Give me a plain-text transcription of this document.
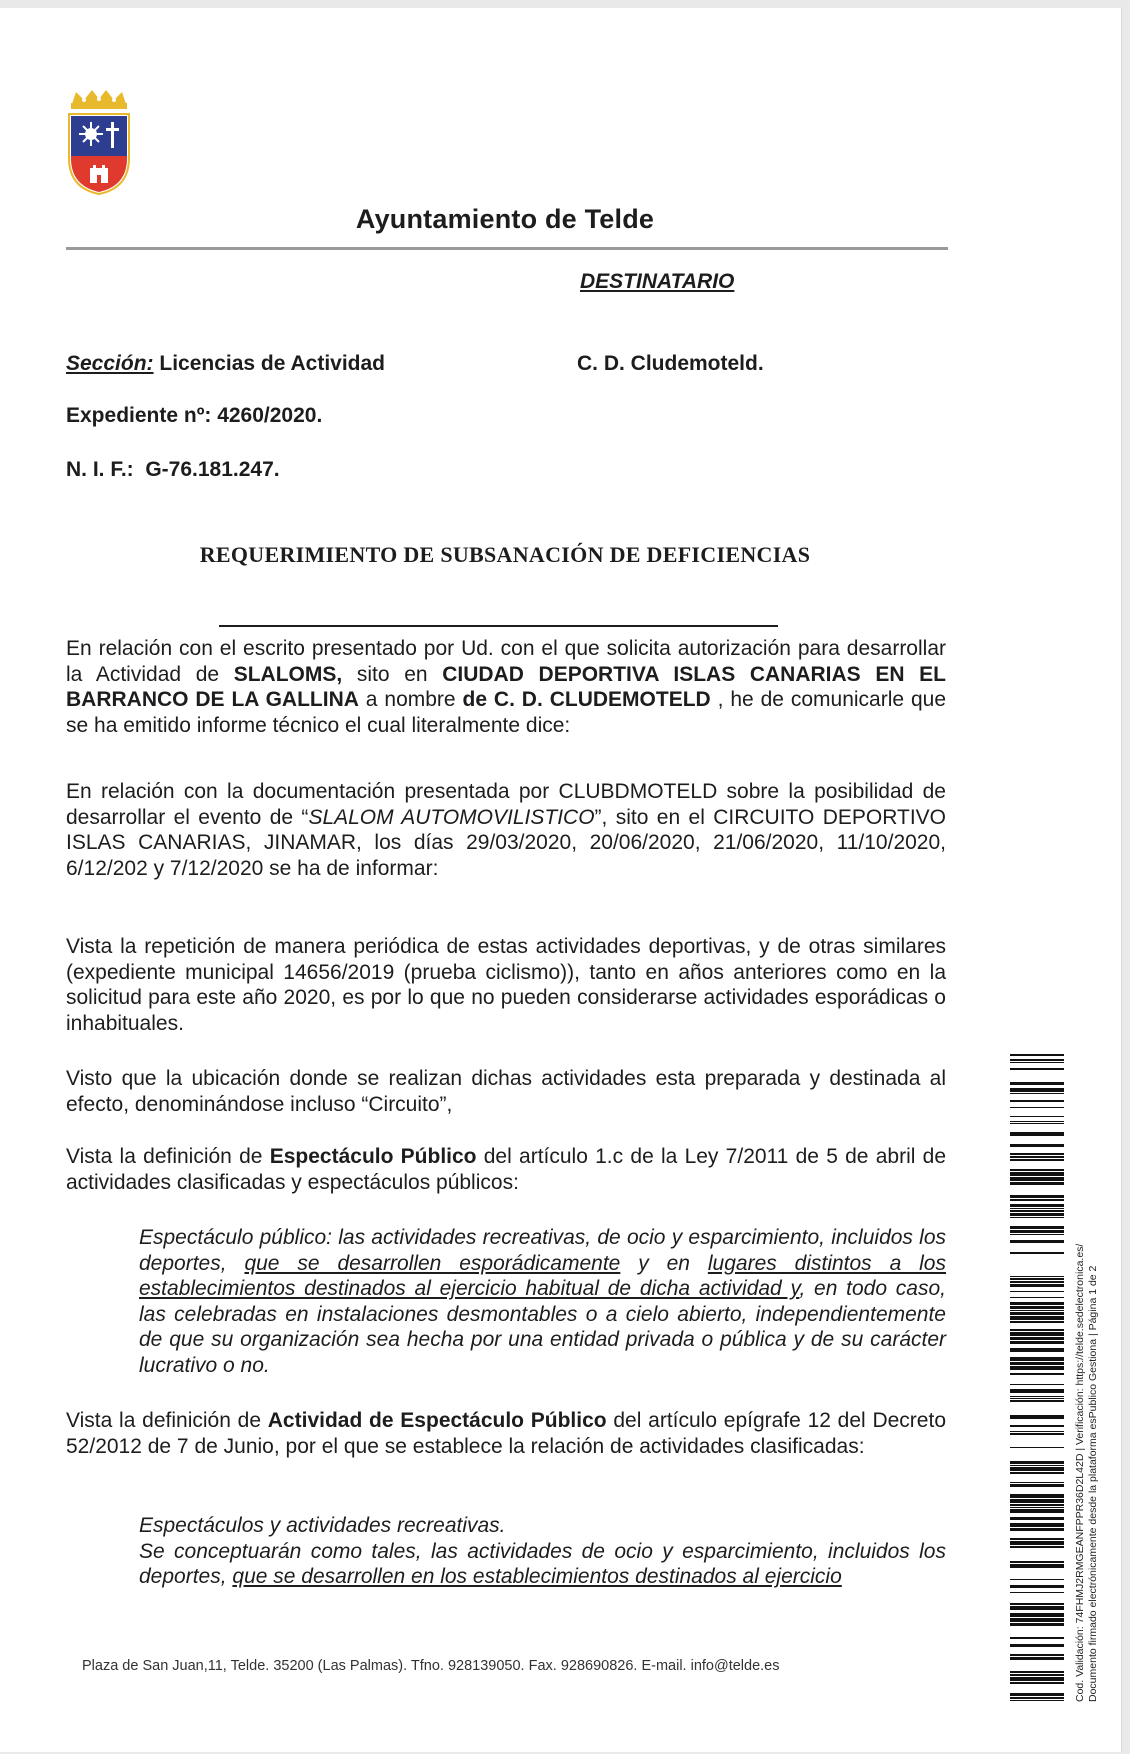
Ayuntamiento de Telde
DESTINATARIO
Sección: Licencias de Actividad	C. D. Cludemoteld.
Expediente nº: 4260/2020.
N. I. F.: G-76.181.247.
REQUERIMIENTO DE SUBSANACIÓN DE DEFICIENCIAS

En relación con el escrito presentado por Ud. con el que solicita autorización para desarrollar la Actividad de SLALOMS, sito en CIUDAD DEPORTIVA ISLAS CANARIAS EN EL BARRANCO DE LA GALLINA a nombre de C. D. CLUDEMOTELD , he de comunicarle que se ha emitido informe técnico el cual literalmente dice:

En relación con la documentación presentada por CLUBDMOTELD sobre la posibilidad de desarrollar el evento de “SLALOM AUTOMOVILISTICO”, sito en el CIRCUITO DEPORTIVO ISLAS CANARIAS, JINAMAR, los días 29/03/2020, 20/06/2020, 21/06/2020, 11/10/2020, 6/12/202 y 7/12/2020 se ha de informar:

Vista la repetición de manera periódica de estas actividades deportivas, y de otras similares (expediente municipal 14656/2019 (prueba ciclismo)), tanto en años anteriores como en la solicitud para este año 2020, es por lo que no pueden considerarse actividades esporádicas o inhabituales.

Visto que la ubicación donde se realizan dichas actividades esta preparada y destinada al efecto, denominándose incluso “Circuito”,

Vista la definición de Espectáculo Público del artículo 1.c de la Ley 7/2011 de 5 de abril de actividades clasificadas y espectáculos públicos:

Espectáculo público: las actividades recreativas, de ocio y esparcimiento, incluidos los deportes, que se desarrollen esporádicamente y en lugares distintos a los establecimientos destinados al ejercicio habitual de dicha actividad y, en todo caso, las celebradas en instalaciones desmontables o a cielo abierto, independientemente de que su organización sea hecha por una entidad privada o pública y de su carácter lucrativo o no.

Vista la definición de Actividad de Espectáculo Público del artículo epígrafe 12 del Decreto 52/2012 de 7 de Junio, por el que se establece la relación de actividades clasificadas:

Espectáculos y actividades recreativas.
Se conceptuarán como tales, las actividades de ocio y esparcimiento, incluidos los deportes, que se desarrollen en los establecimientos destinados al ejercicio

Plaza de San Juan,11, Telde. 35200 (Las Palmas). Tfno. 928139050. Fax. 928690826. E-mail. info@telde.es	Cod. Validación: 74FHMJ2RMGEANFPPR36D2L42D | Verificación: https://telde.sedelectronica.es/ Documento firmado electrónicamente desde la plataforma esPublico Gestiona | Página 1 de 2
